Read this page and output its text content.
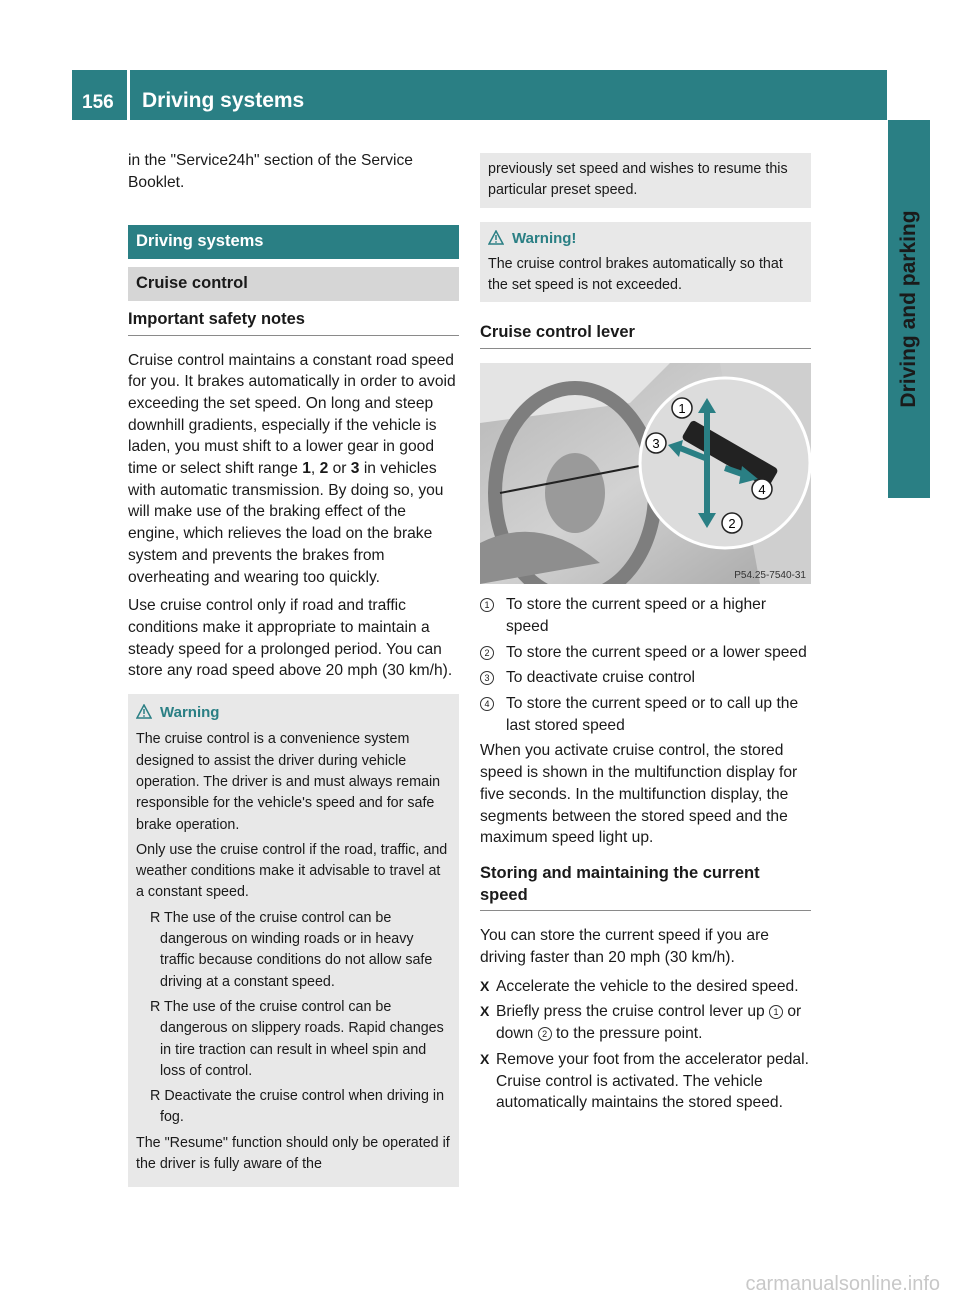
156 Driving systems
Driving and parking

in the "Service24h" section of the Service Booklet.

Driving systems
Cruise control
Important safety notes

Cruise control maintains a constant road speed for you. It brakes automatically in order to avoid exceeding the set speed. On long and steep downhill gradients, especially if the vehicle is laden, you must shift to a lower gear in good time or select shift range 1, 2 or 3 in vehicles with automatic transmission. By doing so, you will make use of the braking effect of the engine, which relieves the load on the brake system and prevents the brakes from overheating and wearing too quickly.

Use cruise control only if road and traffic conditions make it appropriate to maintain a steady speed for a prolonged period. You can store any road speed above 20 mph (30 km/h).

Warning

The cruise control is a convenience system designed to assist the driver during vehicle operation. The driver is and must always remain responsible for the vehicle's speed and for safe brake operation.

Only use the cruise control if the road, traffic, and weather conditions make it advisable to travel at a constant speed.

R The use of the cruise control can be dangerous on winding roads or in heavy traffic because conditions do not allow safe driving at a constant speed.

R The use of the cruise control can be dangerous on slippery roads. Rapid changes in tire traction can result in wheel spin and loss of control.

R Deactivate the cruise control when driving in fog.

The "Resume" function should only be operated if the driver is fully aware of the

previously set speed and wishes to resume this particular preset speed.

Warning!

The cruise control brakes automatically so that the set speed is not exceeded.

Cruise control lever
1
2
3
4
P54.25-7540-31
1	To store the current speed or a higher speed
2	To store the current speed or a lower speed
3	To deactivate cruise control
4	To store the current speed or to call up the last stored speed

When you activate cruise control, the stored speed is shown in the multifunction display for five seconds. In the multifunction display, the segments between the stored speed and the maximum speed light up.

Storing and maintaining the current speed

You can store the current speed if you are driving faster than 20 mph (30 km/h).

X Accelerate the vehicle to the desired speed.
X Briefly press the cruise control lever up 1 or down 2 to the pressure point.
X Remove your foot from the accelerator pedal.
Cruise control is activated. The vehicle automatically maintains the stored speed.
carmanualsonline.info
